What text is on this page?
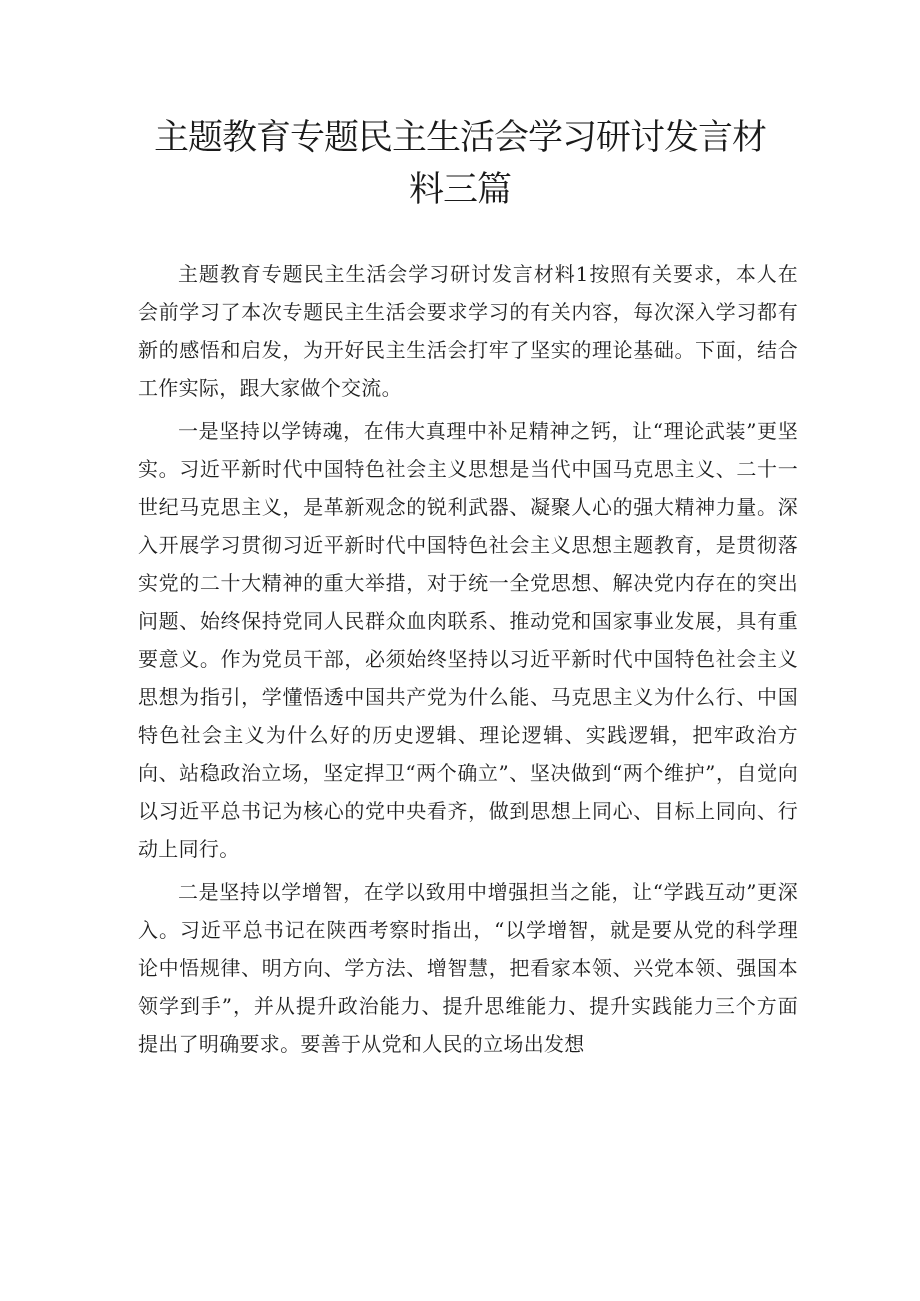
主题教育专题民主生活会学习研讨发言材
料三篇

主题教育专题民主生活会学习研讨发言材料1按照有关要求，本人在会前学习了本次专题民主生活会要求学习的有关内容，每次深入学习都有新的感悟和启发，为开好民主生活会打牢了坚实的理论基础。下面，结合工作实际，跟大家做个交流。

一是坚持以学铸魂，在伟大真理中补足精神之钙，让“理论武装”更坚实。习近平新时代中国特色社会主义思想是当代中国马克思主义、二十一世纪马克思主义，是革新观念的锐利武器、凝聚人心的强大精神力量。深入开展学习贯彻习近平新时代中国特色社会主义思想主题教育，是贯彻落实党的二十大精神的重大举措，对于统一全党思想、解决党内存在的突出问题、始终保持党同人民群众血肉联系、推动党和国家事业发展，具有重要意义。作为党员干部，必须始终坚持以习近平新时代中国特色社会主义思想为指引，学懂悟透中国共产党为什么能、马克思主义为什么行、中国特色社会主义为什么好的历史逻辑、理论逻辑、实践逻辑，把牢政治方向、站稳政治立场，坚定捍卫“两个确立”、坚决做到“两个维护”，自觉向以习近平总书记为核心的党中央看齐，做到思想上同心、目标上同向、行动上同行。

二是坚持以学增智，在学以致用中增强担当之能，让“学践互动”更深入。习近平总书记在陕西考察时指出，“以学增智，就是要从党的科学理论中悟规律、明方向、学方法、增智慧，把看家本领、兴党本领、强国本领学到手”，并从提升政治能力、提升思维能力、提升实践能力三个方面提出了明确要求。要善于从党和人民的立场出发想
